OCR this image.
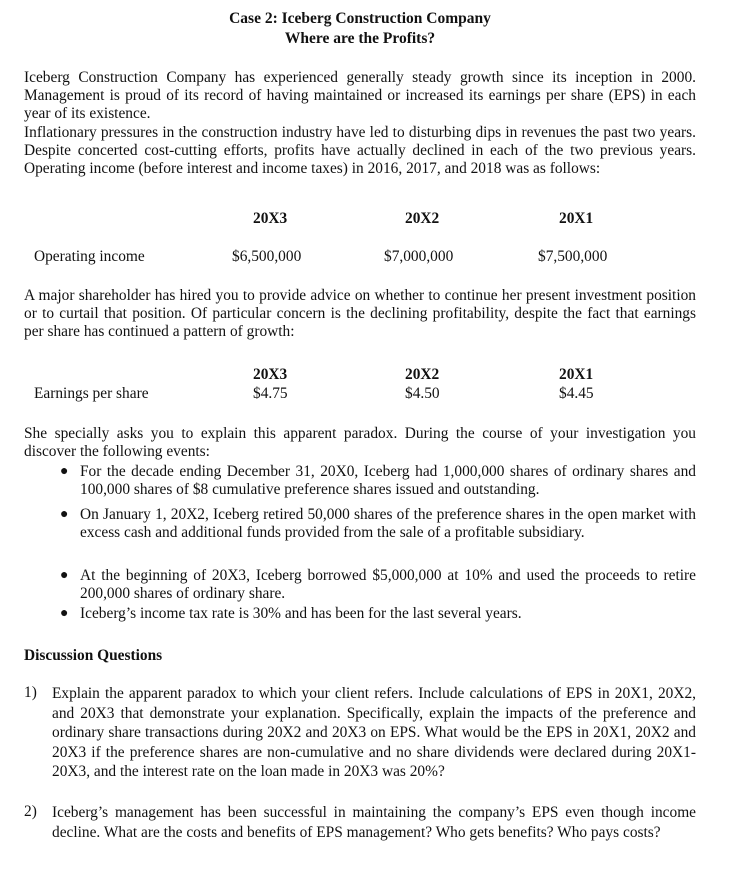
Case 2: Iceberg Construction Company
Where are the Profits?
Iceberg Construction Company has experienced generally steady growth since its inception in 2000. Management is proud of its record of having maintained or increased its earnings per share (EPS) in each year of its existence.
Inflationary pressures in the construction industry have led to disturbing dips in revenues the past two years. Despite concerted cost-cutting efforts, profits have actually declined in each of the two previous years. Operating income (before interest and income taxes) in 2016, 2017, and 2018 was as follows:
20X3	20X2	20X1
Operating income	$6,500,000	$7,000,000	$7,500,000
A major shareholder has hired you to provide advice on whether to continue her present investment position or to curtail that position. Of particular concern is the declining profitability, despite the fact that earnings per share has continued a pattern of growth:
20X3	20X2	20X1
Earnings per share	$4.75	$4.50	$4.45
She specially asks you to explain this apparent paradox. During the course of your investigation you discover the following events:
● For the decade ending December 31, 20X0, Iceberg had 1,000,000 shares of ordinary shares and 100,000 shares of $8 cumulative preference shares issued and outstanding.
● On January 1, 20X2, Iceberg retired 50,000 shares of the preference shares in the open market with excess cash and additional funds provided from the sale of a profitable subsidiary.
● At the beginning of 20X3, Iceberg borrowed $5,000,000 at 10% and used the proceeds to retire 200,000 shares of ordinary share.
● Iceberg’s income tax rate is 30% and has been for the last several years.
Discussion Questions
1) Explain the apparent paradox to which your client refers. Include calculations of EPS in 20X1, 20X2, and 20X3 that demonstrate your explanation. Specifically, explain the impacts of the preference and ordinary share transactions during 20X2 and 20X3 on EPS. What would be the EPS in 20X1, 20X2 and 20X3 if the preference shares are non-cumulative and no share dividends were declared during 20X1-20X3, and the interest rate on the loan made in 20X3 was 20%?
2) Iceberg’s management has been successful in maintaining the company’s EPS even though income decline. What are the costs and benefits of EPS management? Who gets benefits? Who pays costs?
